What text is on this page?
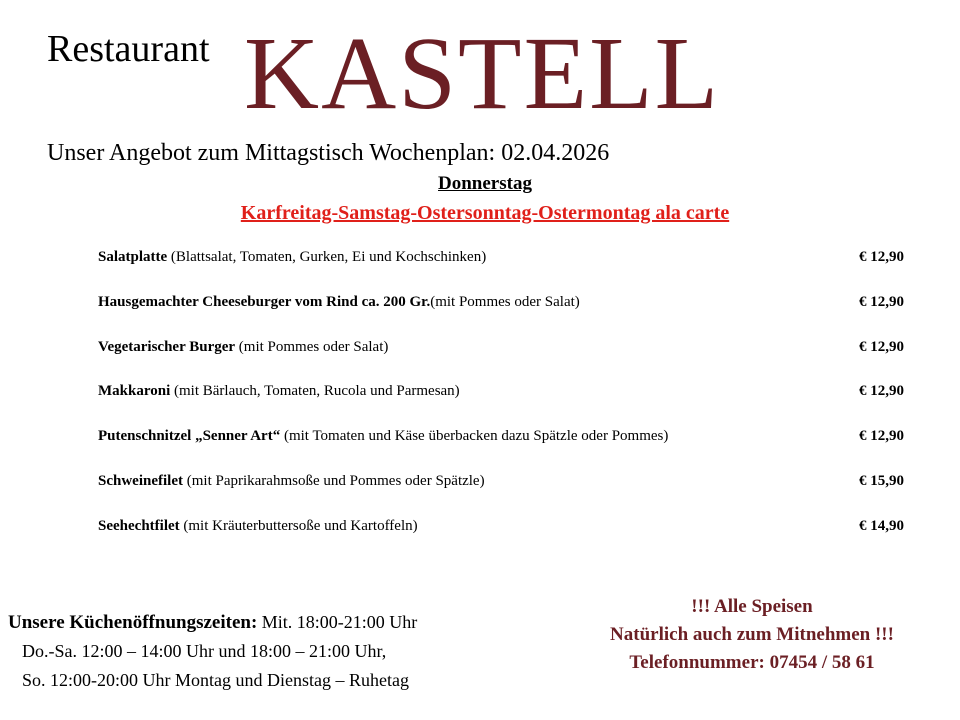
Restaurant KASTELL
Unser Angebot zum Mittagstisch Wochenplan: 02.04.2026
Donnerstag
Karfreitag-Samstag-Ostersonntag-Ostermontag ala carte
Salatplatte (Blattsalat, Tomaten, Gurken, Ei und Kochschinken)	€ 12,90
Hausgemachter Cheeseburger vom Rind ca. 200 Gr.(mit Pommes oder Salat)	€ 12,90
Vegetarischer Burger (mit Pommes oder Salat)	€ 12,90
Makkaroni (mit Bärlauch, Tomaten, Rucola und Parmesan)	€ 12,90
Putenschnitzel „Senner Art“ (mit Tomaten und Käse überbacken dazu Spätzle oder Pommes)	€ 12,90
Schweinefilet (mit Paprikarahmsoße und Pommes oder Spätzle)	€ 15,90
Seehechtfilet (mit Kräuterbuttersoße und Kartoffeln)	€ 14,90
Unsere Küchenöffnungszeiten: Mit. 18:00-21:00 Uhr
Do.-Sa. 12:00 – 14:00 Uhr und 18:00 – 21:00 Uhr,
So. 12:00-20:00 Uhr Montag und Dienstag – Ruhetag
!!! Alle Speisen
Natürlich auch zum Mitnehmen !!!
Telefonnummer: 07454 / 58 61
